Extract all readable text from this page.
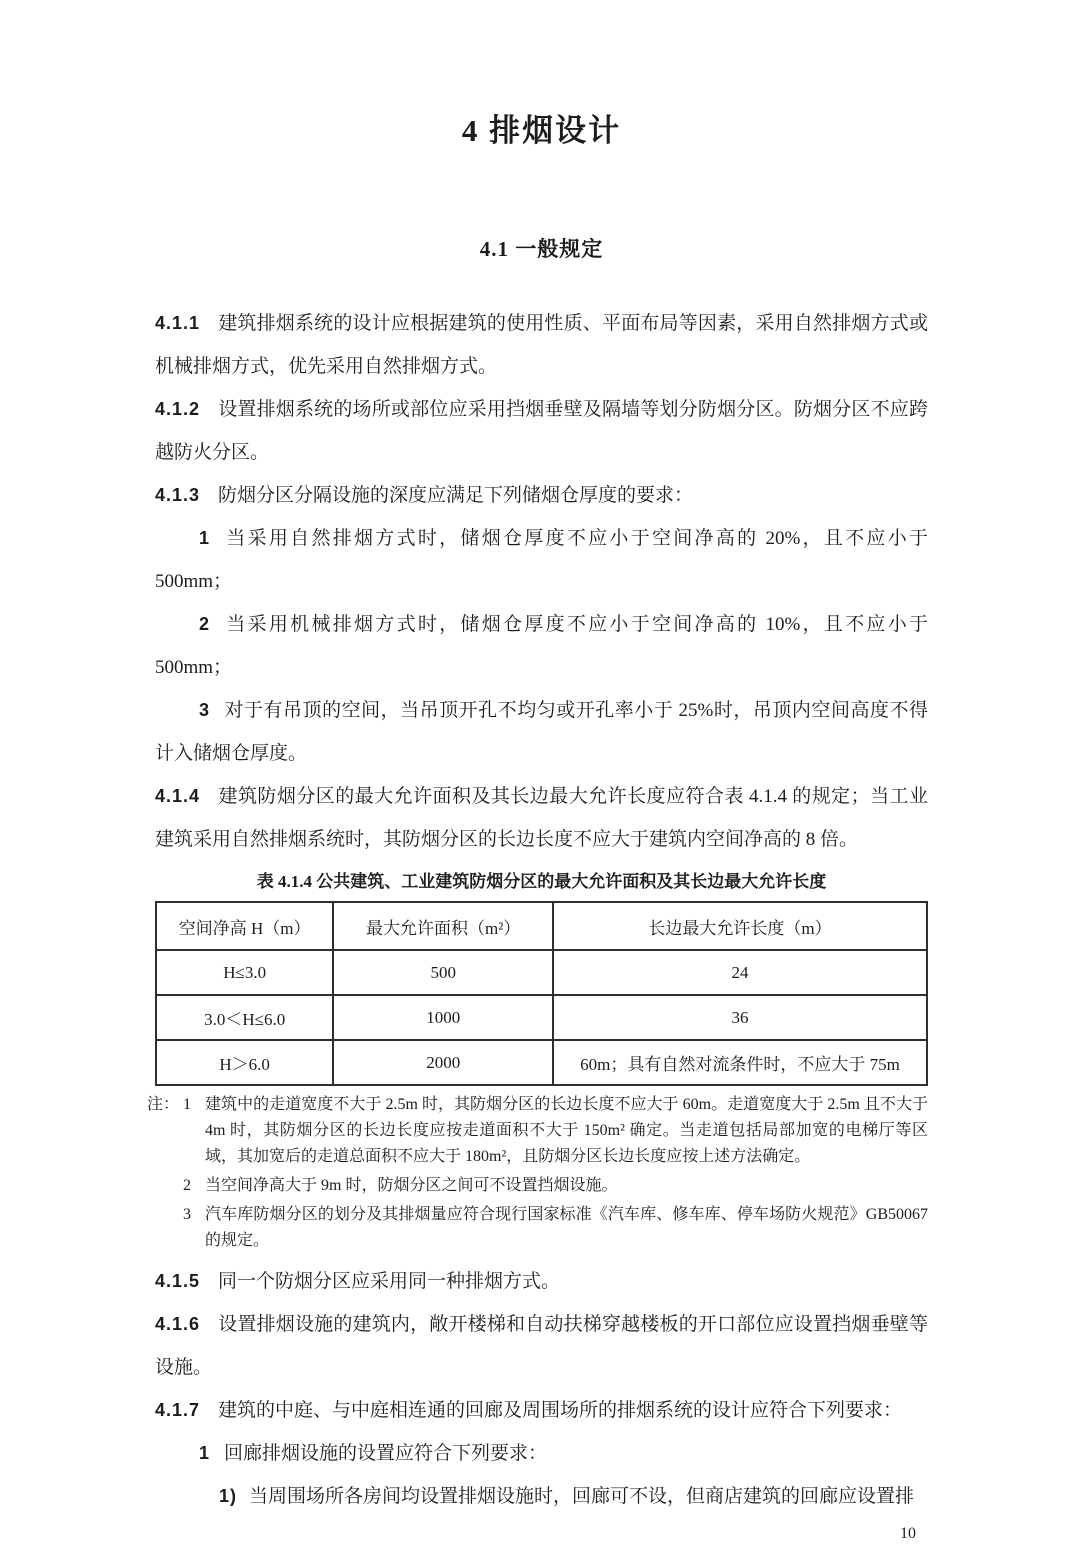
4 排烟设计
4.1 一般规定

4.1.1 建筑排烟系统的设计应根据建筑的使用性质、平面布局等因素，采用自然排烟方式或机械排烟方式，优先采用自然排烟方式。

4.1.2 设置排烟系统的场所或部位应采用挡烟垂壁及隔墙等划分防烟分区。防烟分区不应跨越防火分区。

4.1.3 防烟分区分隔设施的深度应满足下列储烟仓厚度的要求：

1 当采用自然排烟方式时，储烟仓厚度不应小于空间净高的 20%，且不应小于 500mm；

2 当采用机械排烟方式时，储烟仓厚度不应小于空间净高的 10%，且不应小于 500mm；

3 对于有吊顶的空间，当吊顶开孔不均匀或开孔率小于 25%时，吊顶内空间高度不得计入储烟仓厚度。

4.1.4 建筑防烟分区的最大允许面积及其长边最大允许长度应符合表 4.1.4 的规定；当工业建筑采用自然排烟系统时，其防烟分区的长边长度不应大于建筑内空间净高的 8 倍。

表 4.1.4 公共建筑、工业建筑防烟分区的最大允许面积及其长边最大允许长度
空间净高 H（m）	最大允许面积（m²）	长边最大允许长度（m）
H≤3.0	500	24
3.0＜H≤6.0	1000	36
H＞6.0	2000	60m；具有自然对流条件时，不应大于 75m
注： 1 建筑中的走道宽度不大于 2.5m 时，其防烟分区的长边长度不应大于 60m。走道宽度大于 2.5m 且不大于 4m 时，其防烟分区的长边长度应按走道面积不大于 150m² 确定。当走道包括局部加宽的电梯厅等区域，其加宽后的走道总面积不应大于 180m²，且防烟分区长边长度应按上述方法确定。
2 当空间净高大于 9m 时，防烟分区之间可不设置挡烟设施。
3 汽车库防烟分区的划分及其排烟量应符合现行国家标准《汽车库、修车库、停车场防火规范》GB50067 的规定。

4.1.5 同一个防烟分区应采用同一种排烟方式。

4.1.6 设置排烟设施的建筑内，敞开楼梯和自动扶梯穿越楼板的开口部位应设置挡烟垂壁等设施。

4.1.7 建筑的中庭、与中庭相连通的回廊及周围场所的排烟系统的设计应符合下列要求：

1 回廊排烟设施的设置应符合下列要求：

1) 当周围场所各房间均设置排烟设施时，回廊可不设，但商店建筑的回廊应设置排

10
